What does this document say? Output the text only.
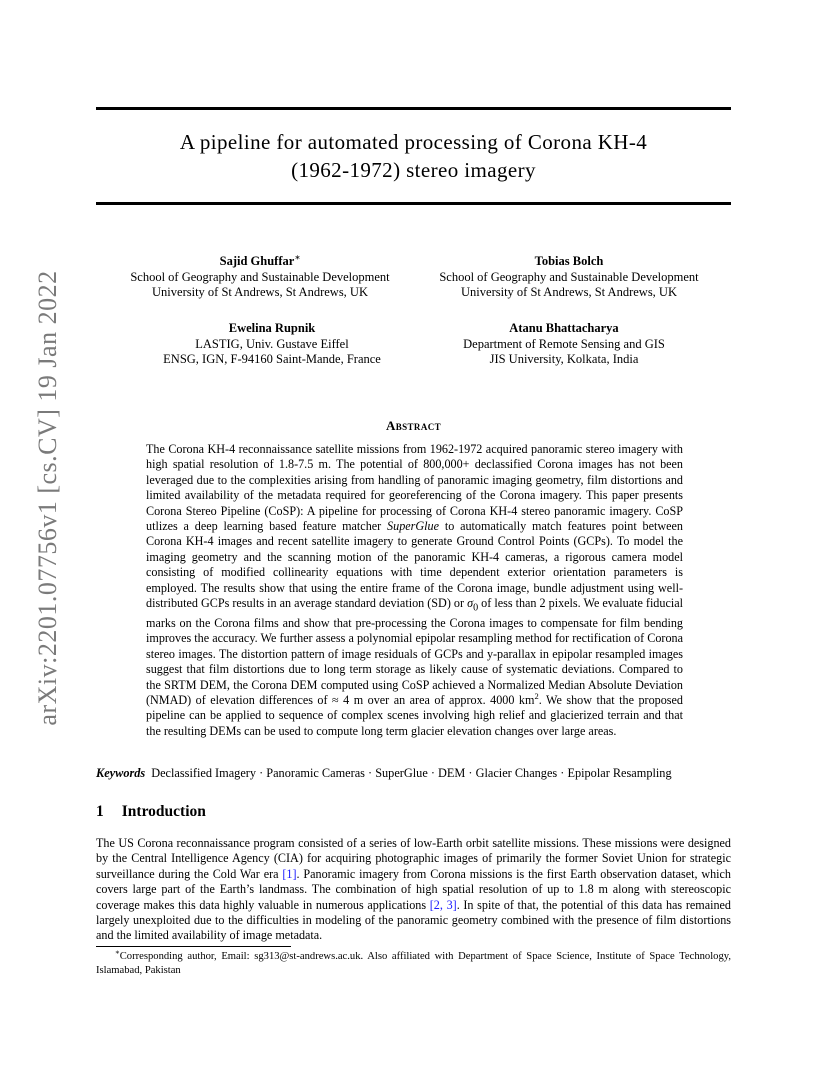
arXiv:2201.07756v1 [cs.CV] 19 Jan 2022
A pipeline for automated processing of Corona KH-4
(1962-1972) stereo imagery
Sajid Ghuffar∗
School of Geography and Sustainable Development
University of St Andrews, St Andrews, UK
Tobias Bolch
School of Geography and Sustainable Development
University of St Andrews, St Andrews, UK
Ewelina Rupnik
LASTIG, Univ. Gustave Eiffel
ENSG, IGN, F-94160 Saint-Mande, France
Atanu Bhattacharya
Department of Remote Sensing and GIS
JIS University, Kolkata, India
Abstract
The Corona KH-4 reconnaissance satellite missions from 1962-1972 acquired panoramic stereo imagery with high spatial resolution of 1.8-7.5 m. The potential of 800,000+ declassified Corona images has not been leveraged due to the complexities arising from handling of panoramic imaging geometry, film distortions and limited availability of the metadata required for georeferencing of the Corona imagery. This paper presents Corona Stereo Pipeline (CoSP): A pipeline for processing of Corona KH-4 stereo panoramic imagery. CoSP utlizes a deep learning based feature matcher SuperGlue to automatically match features point between Corona KH-4 images and recent satellite imagery to generate Ground Control Points (GCPs). To model the imaging geometry and the scanning motion of the panoramic KH-4 cameras, a rigorous camera model consisting of modified collinearity equations with time dependent exterior orientation parameters is employed. The results show that using the entire frame of the Corona image, bundle adjustment using well-distributed GCPs results in an average standard deviation (SD) or $\sigma_0$ of less than 2 pixels. We evaluate fiducial marks on the Corona films and show that pre-processing the Corona images to compensate for film bending improves the accuracy. We further assess a polynomial epipolar resampling method for rectification of Corona stereo images. The distortion pattern of image residuals of GCPs and y-parallax in epipolar resampled images suggest that film distortions due to long term storage as likely cause of systematic deviations. Compared to the SRTM DEM, the Corona DEM computed using CoSP achieved a Normalized Median Absolute Deviation (NMAD) of elevation differences of ≈ 4 m over an area of approx. 4000 $km^2$. We show that the proposed pipeline can be applied to sequence of complex scenes involving high relief and glacierized terrain and that the resulting DEMs can be used to compute long term glacier elevation changes over large areas.
Keywords Declassified Imagery · Panoramic Cameras · SuperGlue · DEM · Glacier Changes · Epipolar Resampling
1 Introduction
The US Corona reconnaissance program consisted of a series of low-Earth orbit satellite missions. These missions were designed by the Central Intelligence Agency (CIA) for acquiring photographic images of primarily the former Soviet Union for strategic surveillance during the Cold War era [1]. Panoramic imagery from Corona missions is the first Earth observation dataset, which covers large part of the Earth’s landmass. The combination of high spatial resolution of up to 1.8 m along with stereoscopic coverage makes this data highly valuable in numerous applications [2, 3]. In spite of that, the potential of this data has remained largely unexploited due to the difficulties in modeling of the panoramic geometry combined with the presence of film distortions and the limited availability of image metadata.
∗Corresponding author, Email: sg313@st-andrews.ac.uk. Also affiliated with Department of Space Science, Institute of Space Technology, Islamabad, Pakistan
